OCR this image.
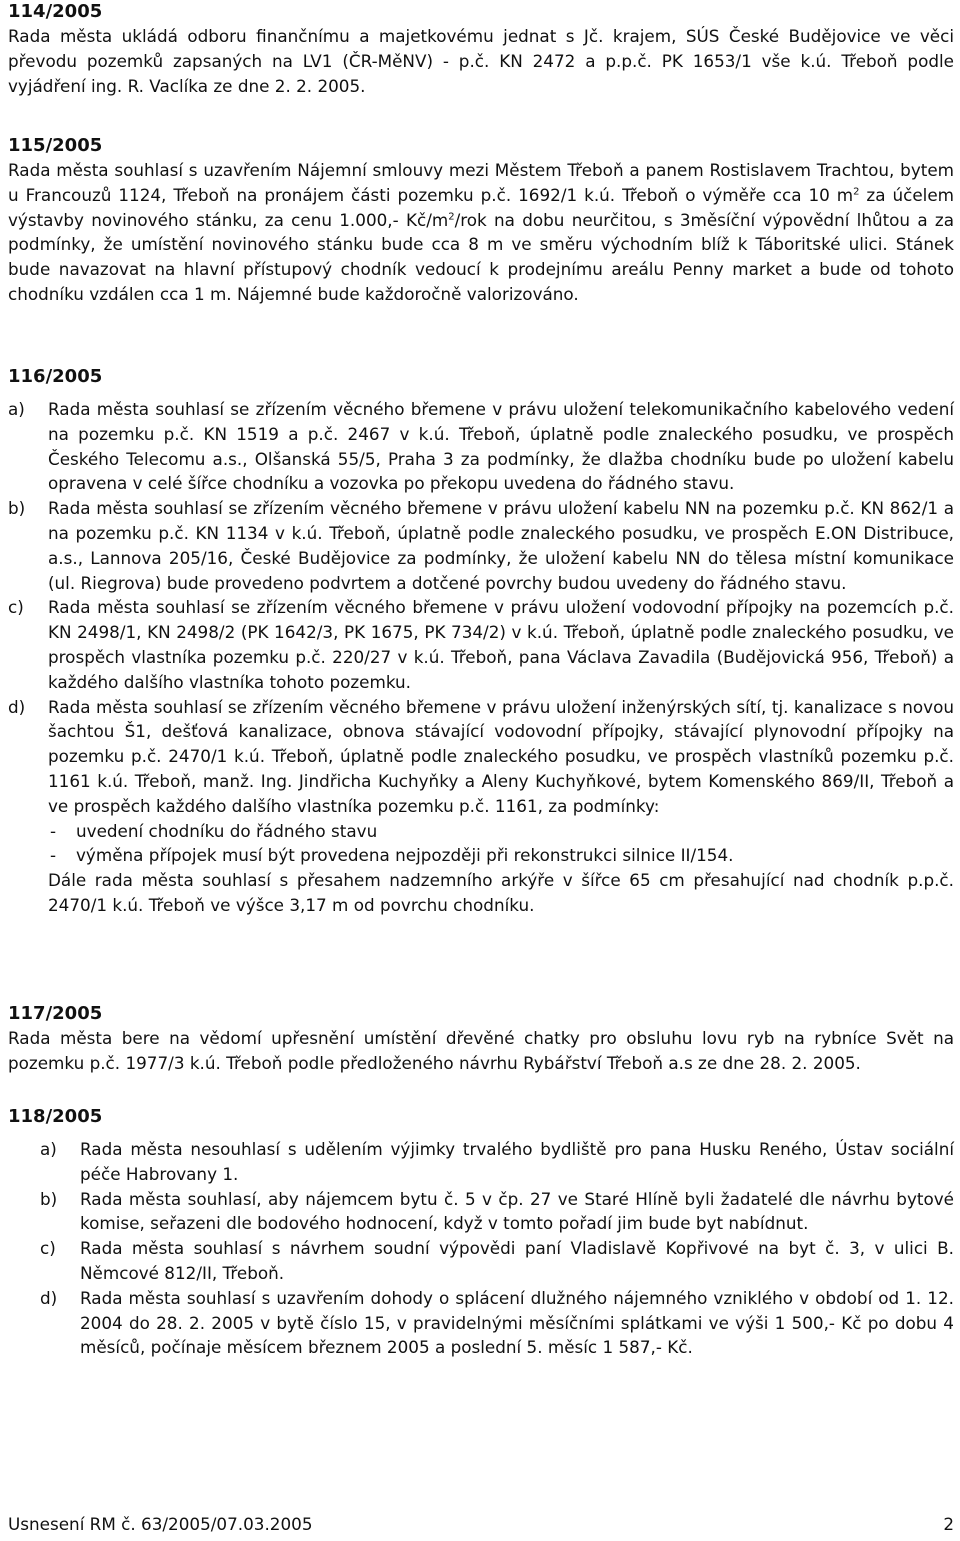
114/2005

Rada města ukládá odboru finančnímu a majetkovému jednat s Jč. krajem, SÚS České Budějovice ve věci převodu pozemků zapsaných na LV1 (ČR-MěNV) - p.č. KN 2472 a p.p.č. PK 1653/1 vše k.ú. Třeboň podle vyjádření ing. R. Vaclíka ze dne 2. 2. 2005.

115/2005

Rada města souhlasí s uzavřením Nájemní smlouvy mezi Městem Třeboň a panem Rostislavem Trachtou, bytem u Francouzů 1124, Třeboň na pronájem části pozemku p.č. 1692/1 k.ú. Třeboň o výměře cca 10 $m^2$ za účelem výstavby novinového stánku, za cenu 1.000,- $Kč/m^2$/rok na dobu neurčitou, s 3měsíční výpovědní lhůtou a za podmínky, že umístění novinového stánku bude cca 8 m ve směru východním blíž k Táboritské ulici. Stánek bude navazovat na hlavní přístupový chodník vedoucí k prodejnímu areálu Penny market a bude od tohoto chodníku vzdálen cca 1 m. Nájemné bude každoročně valorizováno.

116/2005
a) Rada města souhlasí se zřízením věcného břemene v právu uložení telekomunikačního kabelového vedení na pozemku p.č. KN 1519 a p.č. 2467 v k.ú. Třeboň, úplatně podle znaleckého posudku, ve prospěch Českého Telecomu a.s., Olšanská 55/5, Praha 3 za podmínky, že dlažba chodníku bude po uložení kabelu opravena v celé šířce chodníku a vozovka po překopu uvedena do řádného stavu.
b) Rada města souhlasí se zřízením věcného břemene v právu uložení kabelu NN na pozemku p.č. KN 862/1 a na pozemku p.č. KN 1134 v k.ú. Třeboň, úplatně podle znaleckého posudku, ve prospěch E.ON Distribuce, a.s., Lannova 205/16, České Budějovice za podmínky, že uložení kabelu NN do tělesa místní komunikace (ul. Riegrova) bude provedeno podvrtem a dotčené povrchy budou uvedeny do řádného stavu.
c) Rada města souhlasí se zřízením věcného břemene v právu uložení vodovodní přípojky na pozemcích p.č. KN 2498/1, KN 2498/2 (PK 1642/3, PK 1675, PK 734/2) v k.ú. Třeboň, úplatně podle znaleckého posudku, ve prospěch vlastníka pozemku p.č. 220/27 v k.ú. Třeboň, pana Václava Zavadila (Budějovická 956, Třeboň) a každého dalšího vlastníka tohoto pozemku.
d) Rada města souhlasí se zřízením věcného břemene v právu uložení inženýrských sítí, tj. kanalizace s novou šachtou Š1, dešťová kanalizace, obnova stávající vodovodní přípojky, stávající plynovodní přípojky na pozemku p.č. 2470/1 k.ú. Třeboň, úplatně podle znaleckého posudku, ve prospěch vlastníků pozemku p.č. 1161 k.ú. Třeboň, manž. Ing. Jindřicha Kuchyňky a Aleny Kuchyňkové, bytem Komenského 869/II, Třeboň a ve prospěch každého dalšího vlastníka pozemku p.č. 1161, za podmínky:
- uvedení chodníku do řádného stavu
- výměna přípojek musí být provedena nejpozději při rekonstrukci silnice II/154.
Dále rada města souhlasí s přesahem nadzemního arkýře v šířce 65 cm přesahující nad chodník p.p.č. 2470/1 k.ú. Třeboň ve výšce 3,17 m od povrchu chodníku.
117/2005

Rada města bere na vědomí upřesnění umístění dřevěné chatky pro obsluhu lovu ryb na rybníce Svět na pozemku p.č. 1977/3 k.ú. Třeboň podle předloženého návrhu Rybářství Třeboň a.s ze dne 28. 2. 2005.

118/2005
a) Rada města nesouhlasí s udělením výjimky trvalého bydliště pro pana Husku Reného, Ústav sociální péče Habrovany 1.
b) Rada města souhlasí, aby nájemcem bytu č. 5 v čp. 27 ve Staré Hlíně byli žadatelé dle návrhu bytové komise, seřazeni dle bodového hodnocení, když v tomto pořadí jim bude byt nabídnut.
c) Rada města souhlasí s návrhem soudní výpovědi paní Vladislavě Kopřivové na byt č. 3, v ulici B. Němcové 812/II, Třeboň.
d) Rada města souhlasí s uzavřením dohody o splácení dlužného nájemného vzniklého v období od 1. 12. 2004 do 28. 2. 2005 v bytě číslo 15, v pravidelnými měsíčními splátkami ve výši 1 500,- Kč po dobu 4 měsíců, počínaje měsícem březnem 2005 a poslední 5. měsíc 1 587,- Kč.
Usnesení RM č. 63/2005/07.03.2005	2
